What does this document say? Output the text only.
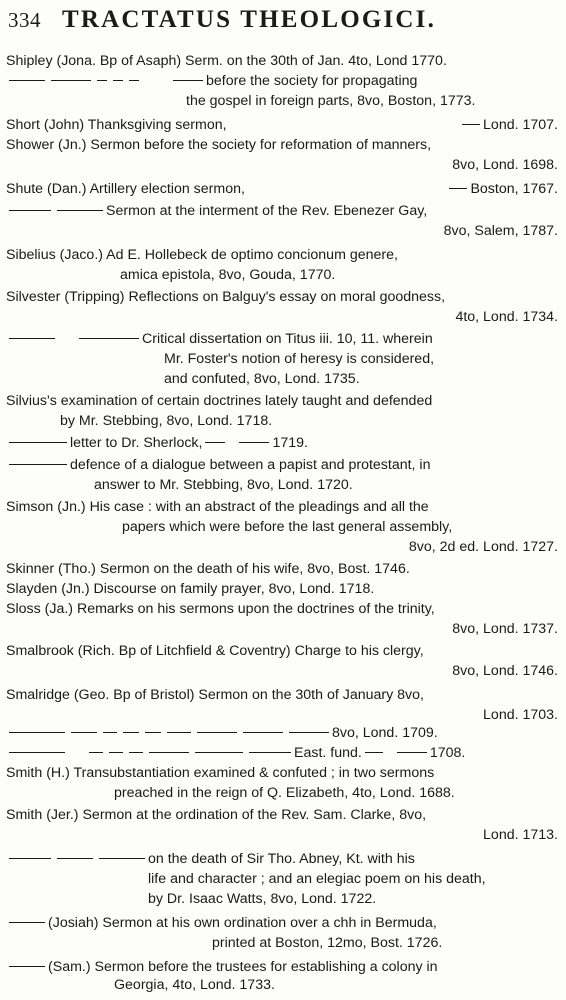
334 TRACTATUS THEOLOGICI.
Shipley (Jona. Bp of Asaph) Serm. on the 30th of Jan. 4to, Lond 1770.
before the society for propagating
the gospel in foreign parts, 8vo, Boston, 1773.
Short (John) Thanksgiving sermon,	Lond. 1707.
Shower (Jn.) Sermon before the society for reformation of manners,
8vo, Lond. 1698.
Shute (Dan.) Artillery election sermon,	Boston, 1767.
Sermon at the interment of the Rev. Ebenezer Gay,
8vo, Salem, 1787.
Sibelius (Jaco.) Ad E. Hollebeck de optimo concionum genere,
amica epistola, 8vo, Gouda, 1770.
Silvester (Tripping) Reflections on Balguy's essay on moral goodness,
4to, Lond. 1734.
Critical dissertation on Titus iii. 10, 11. wherein
Mr. Foster's notion of heresy is considered,
and confuted, 8vo, Lond. 1735.
Silvius's examination of certain doctrines lately taught and defended
by Mr. Stebbing, 8vo, Lond. 1718.
letter to Dr. Sherlock,	1719.
defence of a dialogue between a papist and protestant, in
answer to Mr. Stebbing, 8vo, Lond. 1720.
Simson (Jn.) His case : with an abstract of the pleadings and all the
papers which were before the last general assembly,
8vo, 2d ed. Lond. 1727.
Skinner (Tho.) Sermon on the death of his wife, 8vo, Bost. 1746.
Slayden (Jn.) Discourse on family prayer, 8vo, Lond. 1718.
Sloss (Ja.) Remarks on his sermons upon the doctrines of the trinity,
8vo, Lond. 1737.
Smalbrook (Rich. Bp of Litchfield & Coventry) Charge to his clergy,
8vo, Lond. 1746.
Smalridge (Geo. Bp of Bristol) Sermon on the 30th of January 8vo,
Lond. 1703.
8vo, Lond. 1709.
East. fund.	1708.
Smith (H.) Transubstantiation examined & confuted ; in two sermons
preached in the reign of Q. Elizabeth, 4to, Lond. 1688.
Smith (Jer.) Sermon at the ordination of the Rev. Sam. Clarke, 8vo,
Lond. 1713.
on the death of Sir Tho. Abney, Kt. with his
life and character ; and an elegiac poem on his death,
by Dr. Isaac Watts, 8vo, Lond. 1722.
(Josiah) Sermon at his own ordination over a chh in Bermuda,
printed at Boston, 12mo, Bost. 1726.
(Sam.) Sermon before the trustees for establishing a colony in
Georgia, 4to, Lond. 1733.
